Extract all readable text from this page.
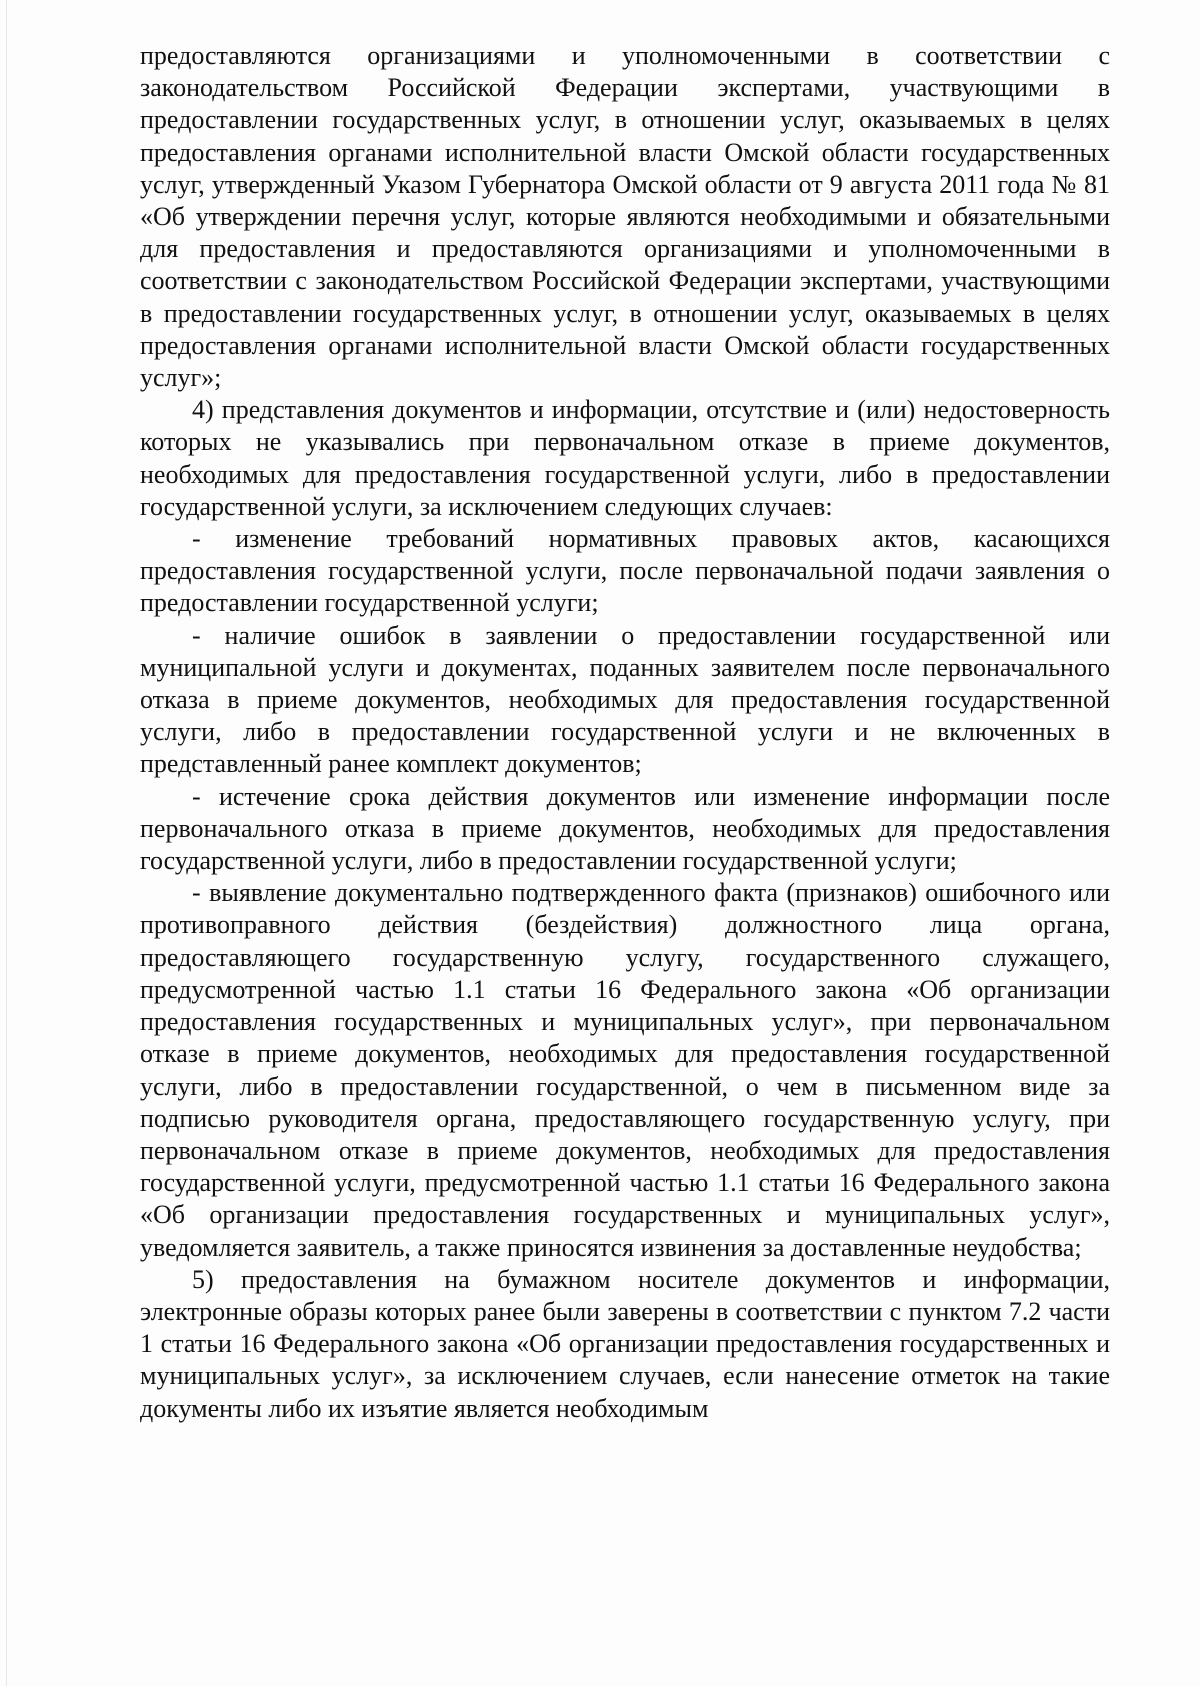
предоставляются организациями и уполномоченными в соответствии с законодательством Российской Федерации экспертами, участвующими в предоставлении государственных услуг, в отношении услуг, оказываемых в целях предоставления органами исполнительной власти Омской области государственных услуг, утвержденный Указом Губернатора Омской области от 9 августа 2011 года № 81 «Об утверждении перечня услуг, которые являются необходимыми и обязательными для предоставления и предоставляются организациями и уполномоченными в соответствии с законодательством Российской Федерации экспертами, участвующими в предоставлении государственных услуг, в отношении услуг, оказываемых в целях предоставления органами исполнительной власти Омской области государственных услуг»;

4) представления документов и информации, отсутствие и (или) недостоверность которых не указывались при первоначальном отказе в приеме документов, необходимых для предоставления государственной услуги, либо в предоставлении государственной услуги, за исключением следующих случаев:

- изменение требований нормативных правовых актов, касающихся предоставления государственной услуги, после первоначальной подачи заявления о предоставлении государственной услуги;

- наличие ошибок в заявлении о предоставлении государственной или муниципальной услуги и документах, поданных заявителем после первоначального отказа в приеме документов, необходимых для предоставления государственной услуги, либо в предоставлении государственной услуги и не включенных в представленный ранее комплект документов;

- истечение срока действия документов или изменение информации после первоначального отказа в приеме документов, необходимых для предоставления государственной услуги, либо в предоставлении государственной услуги;

- выявление документально подтвержденного факта (признаков) ошибочного или противоправного действия (бездействия) должностного лица органа, предоставляющего государственную услугу, государственного служащего, предусмотренной частью 1.1 статьи 16 Федерального закона «Об организации предоставления государственных и муниципальных услуг», при первоначальном отказе в приеме документов, необходимых для предоставления государственной услуги, либо в предоставлении государственной, о чем в письменном виде за подписью руководителя органа, предоставляющего государственную услугу, при первоначальном отказе в приеме документов, необходимых для предоставления государственной услуги, предусмотренной частью 1.1 статьи 16 Федерального закона «Об организации предоставления государственных и муниципальных услуг», уведомляется заявитель, а также приносятся извинения за доставленные неудобства;

5) предоставления на бумажном носителе документов и информации, электронные образы которых ранее были заверены в соответствии с пунктом 7.2 части 1 статьи 16 Федерального закона «Об организации предоставления государственных и муниципальных услуг», за исключением случаев, если нанесение отметок на такие документы либо их изъятие является необходимым
